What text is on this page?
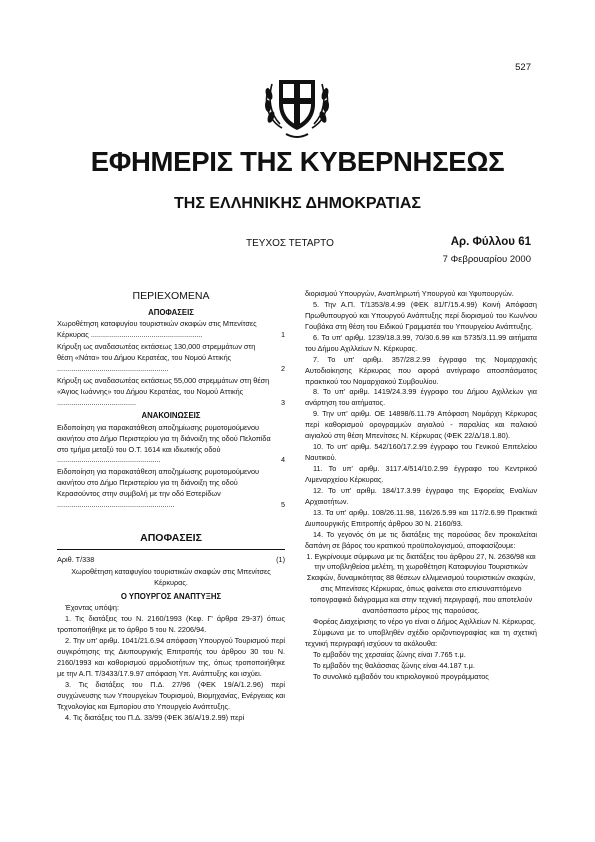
527
ΕΦΗΜΕΡΙΣ ΤΗΣ ΚΥΒΕΡΝΗΣΕΩΣ
ΤΗΣ ΕΛΛΗΝΙΚΗΣ ΔΗΜΟΚΡΑΤΙΑΣ
ΤΕΥΧΟΣ ΤΕΤΑΡΤΟ	Αρ. Φύλλου 61
7 Φεβρουαρίου 2000
ΠΕΡΙΕΧΟΜΕΝΑ
ΑΠΟΦΑΣΕΙΣ
Χωροθέτηση καταφυγίου τουριστικών σκαφών στις Μπενίτσες Κέρκυρας .......................................................	1
Κήρυξη ως αναδασωτέας εκτάσεως 130,000 στρεμμάτων στη θέση «Νάτα» του Δήμου Κερατέας, του Νομού Αττικής .......................................................	2
Κήρυξη ως αναδασωτέας εκτάσεως 55,000 στρεμμάτων στη θέση «Άγιος Ιωάννης» του Δήμου Κερατέας, του Νομού Αττικής .......................................	3
ΑΝΑΚΟΙΝΩΣΕΙΣ
Ειδοποίηση για παρακατάθεση αποζημίωσης ρυμοτομούμενου ακινήτου στο Δήμο Περιστερίου για τη διάνοιξη της οδού Πελοπίδα στο τμήμα μεταξύ του Ο.Τ. 1614 και ιδιωτικής οδού ...................................................	4
Ειδοποίηση για παρακατάθεση αποζημίωσης ρυμοτομούμενου ακινήτου στο Δήμο Περιστερίου για τη διάνοιξη της οδού Κερασούντος στην συμβολή με την οδό Εστερίδων ..........................................................	5
ΑΠΟΦΑΣΕΙΣ
Αριθ. Τ/338	(1)
Χωροθέτηση καταφυγίου τουριστικών σκαφών στις Μπενίτσες Κέρκυρας.
Ο ΥΠΟΥΡΓΟΣ ΑΝΑΠΤΥΞΗΣ

Έχοντας υπόψη:

1. Τις διατάξεις του Ν. 2160/1993 (Κεφ. Γ' άρθρα 29-37) όπως τροποποιήθηκε με το άρθρο 5 του Ν. 2206/94.

2. Την υπ' αριθμ. 1041/21.6.94 απόφαση Υπουργού Τουρισμού περί συγκρότησης της Διυπουργικής Επιτροπής του άρθρου 30 του Ν. 2160/1993 και καθορισμού αρμοδιοτήτων της, όπως τροποποιήθηκε με την Α.Π. Τ/3433/17.9.97 απόφαση Υπ. Ανάπτυξης και ισχύει.

3. Τις διατάξεις του Π.Δ. 27/96 (ΦΕΚ 19/Α/1.2.96) περί συγχώνευσης των Υπουργείων Τουρισμού, Βιομηχανίας, Ενέργειας και Τεχνολογίας και Εμπορίου στο Υπουργείο Ανάπτυξης.

4. Τις διατάξεις του Π.Δ. 33/99 (ΦΕΚ 36/Α/19.2.99) περί

διορισμού Υπουργών, Αναπληρωτή Υπουργού και Υφυπουργών.

5. Την Α.Π. Τ/1353/8.4.99 (ΦΕΚ 81/Γ/15.4.99) Κοινή Απόφαση Πρωθυπουργού και Υπουργού Ανάπτυξης περί διορισμού του Κων/νου Γουβάκα στη θέση του Ειδικού Γραμματέα του Υπουργείου Ανάπτυξης.

6. Τα υπ' αριθμ. 1239/18.3.99, 70/30.6.99 και 5735/3.11.99 αιτήματα του Δήμου Αχιλλείων Ν. Κέρκυρας.

7. Το υπ' αριθμ. 357/28.2.99 έγγραφο της Νομαρχιακής Αυτοδιοίκησης Κέρκυρας που αφορά αντίγραφο αποσπάσματος πρακτικού του Νομαρχιακού Συμβουλίου.

8. Το υπ' αριθμ. 1419/24.3.99 έγγραφο του Δήμου Αχιλλείων για ανάρτηση του αιτήματος.

9. Την υπ' αριθμ. ΟΕ 14898/6.11.79 Απόφαση Νομάρχη Κέρκυρας περί καθορισμού ορογραμμών αιγιαλού - παραλίας και παλαιού αιγιαλού στη θέση Μπενίτσες Ν. Κέρκυρας (ΦΕΚ 22/Δ/18.1.80).

10. Το υπ' αριθμ. 542/160/17.2.99 έγγραφο του Γενικού Επιτελείου Ναυτικού.

11. Το υπ' αριθμ. 3117.4/514/10.2.99 έγγραφο του Κεντρικού Λιμεναρχείου Κέρκυρας.

12. Το υπ' αριθμ. 184/17.3.99 έγγραφο της Εφορείας Εναλίων Αρχαιοτήτων.

13. Τα υπ' αριθμ. 108/26.11.98, 116/26.5.99 και 117/2.6.99 Πρακτικά Διυπουργικής Επιτροπής άρθρου 30 Ν. 2160/93.

14. Το γεγονός ότι με τις διατάξεις της παρούσας δεν προκαλείται δαπάνη σε βάρος του κρατικού προϋπολογισμού, αποφασίζουμε:

1. Εγκρίνουμε σύμφωνα με τις διατάξεις του άρθρου 27, Ν. 2636/98 και την υποβληθείσα μελέτη, τη χωροθέτηση Καταφυγίου Τουριστικών Σκαφών, δυναμικότητας 88 θέσεων ελλιμενισμού τουριστικών σκαφών, στις Μπενίτσες Κέρκυρας, όπως φαίνεται στο επισυναπτόμενο τοπογραφικό διάγραμμα και στην τεχνική περιγραφή, που αποτελούν αναπόσπαστο μέρος της παρούσας.

Φορέας Διαχείρισης το νέρο γο είναι ο Δήμος Αχιλλείων Ν. Κέρκυρας.

Σύμφωνα με το υποβληθέν σχέδιο οριζοντιογραφίας και τη σχετική τεχνική περιγραφή ισχύουν τα ακόλουθα:

Το εμβαδόν της χερσαίας ζώνης είναι 7.765 τ.μ.

Το εμβαδόν της θαλάσσιας ζώνης είναι 44.187 τ.μ.

Το συνολικό εμβαδόν του κτιριολογικού προγράμματος
